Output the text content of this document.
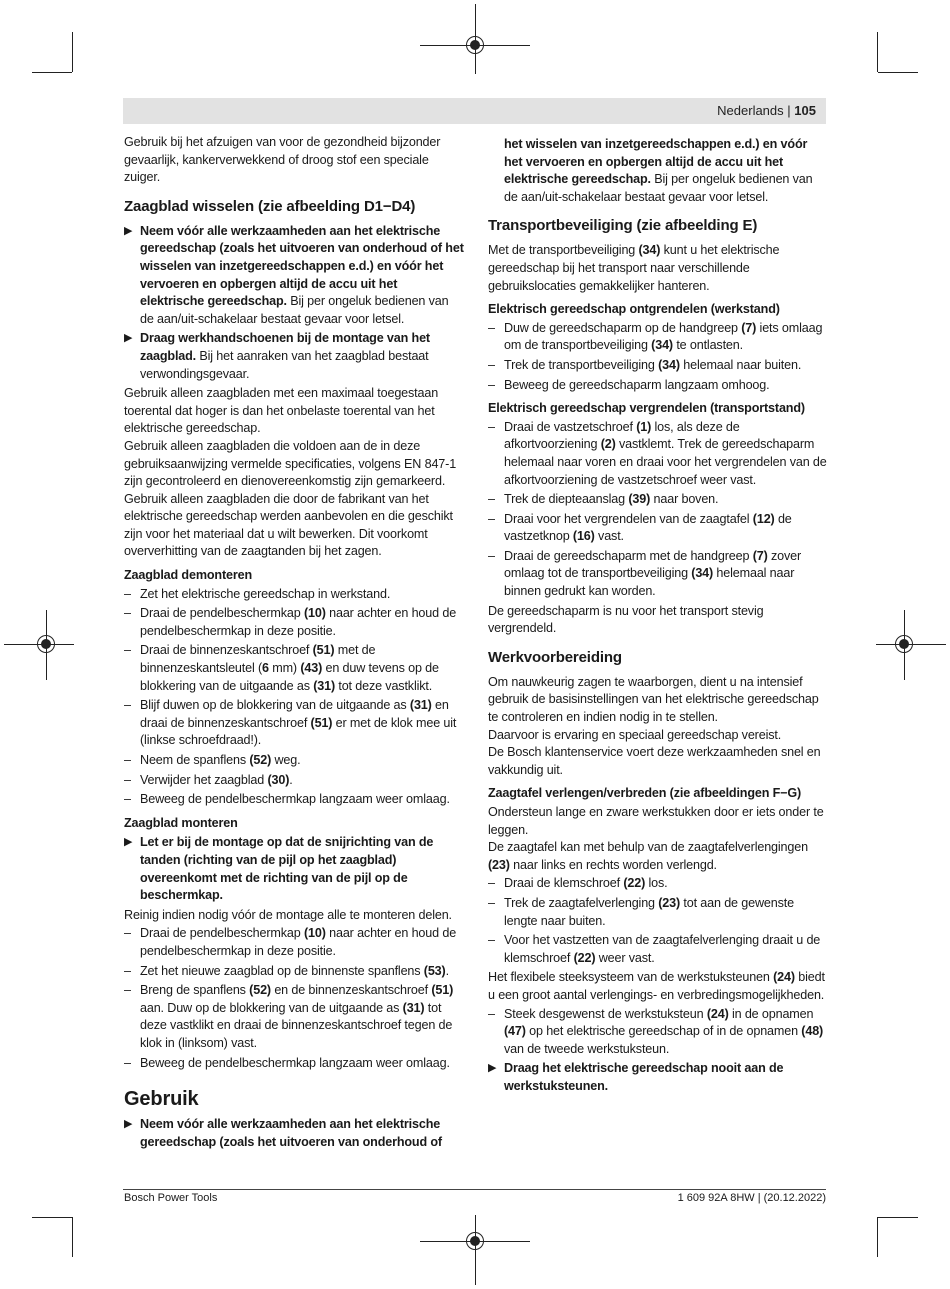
Nederlands | 105

Gebruik bij het afzuigen van voor de gezondheid bijzonder gevaarlijk, kankerverwekkend of droog stof een speciale zuiger.

Zaagblad wisselen (zie afbeelding D1−D4)
▶ Neem vóór alle werkzaamheden aan het elektrische gereedschap (zoals het uitvoeren van onderhoud of het wisselen van inzetgereedschappen e.d.) en vóór het vervoeren en opbergen altijd de accu uit het elektrische gereedschap. Bij per ongeluk bedienen van de aan/uit-schakelaar bestaat gevaar voor letsel.
▶ Draag werkhandschoenen bij de montage van het zaagblad. Bij het aanraken van het zaagblad bestaat verwondingsgevaar.

Gebruik alleen zaagbladen met een maximaal toegestaan toerental dat hoger is dan het onbelaste toerental van het elektrische gereedschap.

Gebruik alleen zaagbladen die voldoen aan de in deze gebruiksaanwijzing vermelde specificaties, volgens EN 847-1 zijn gecontroleerd en dienovereenkomstig zijn gemarkeerd.

Gebruik alleen zaagbladen die door de fabrikant van het elektrische gereedschap werden aanbevolen en die geschikt zijn voor het materiaal dat u wilt bewerken. Dit voorkomt oververhitting van de zaagtanden bij het zagen.

Zaagblad demonteren
– Zet het elektrische gereedschap in werkstand.
– Draai de pendelbeschermkap (10) naar achter en houd de pendelbeschermkap in deze positie.
– Draai de binnenzeskantschroef (51) met de binnenzeskantsleutel (6 mm) (43) en duw tevens op de blokkering van de uitgaande as (31) tot deze vastklikt.
– Blijf duwen op de blokkering van de uitgaande as (31) en draai de binnenzeskantschroef (51) er met de klok mee uit (linkse schroefdraad!).
– Neem de spanflens (52) weg.
– Verwijder het zaagblad (30).
– Beweeg de pendelbeschermkap langzaam weer omlaag.
Zaagblad monteren
▶ Let er bij de montage op dat de snijrichting van de tanden (richting van de pijl op het zaagblad) overeenkomt met de richting van de pijl op de beschermkap.

Reinig indien nodig vóór de montage alle te monteren delen.

– Draai de pendelbeschermkap (10) naar achter en houd de pendelbeschermkap in deze positie.
– Zet het nieuwe zaagblad op de binnenste spanflens (53).
– Breng de spanflens (52) en de binnenzeskantschroef (51) aan. Duw op de blokkering van de uitgaande as (31) tot deze vastklikt en draai de binnenzeskantschroef tegen de klok in (linksom) vast.
– Beweeg de pendelbeschermkap langzaam weer omlaag.
Gebruik
▶ Neem vóór alle werkzaamheden aan het elektrische gereedschap (zoals het uitvoeren van onderhoud of
het wisselen van inzetgereedschappen e.d.) en vóór het vervoeren en opbergen altijd de accu uit het elektrische gereedschap. Bij per ongeluk bedienen van de aan/uit-schakelaar bestaat gevaar voor letsel.
Transportbeveiliging (zie afbeelding E)

Met de transportbeveiliging (34) kunt u het elektrische gereedschap bij het transport naar verschillende gebruikslocaties gemakkelijker hanteren.

Elektrisch gereedschap ontgrendelen (werkstand)
– Duw de gereedschaparm op de handgreep (7) iets omlaag om de transportbeveiliging (34) te ontlasten.
– Trek de transportbeveiliging (34) helemaal naar buiten.
– Beweeg de gereedschaparm langzaam omhoog.
Elektrisch gereedschap vergrendelen (transportstand)
– Draai de vastzetschroef (1) los, als deze de afkortvoorziening (2) vastklemt. Trek de gereedschaparm helemaal naar voren en draai voor het vergrendelen van de afkortvoorziening de vastzetschroef weer vast.
– Trek de diepteaanslag (39) naar boven.
– Draai voor het vergrendelen van de zaagtafel (12) de vastzetknop (16) vast.
– Draai de gereedschaparm met de handgreep (7) zover omlaag tot de transportbeveiliging (34) helemaal naar binnen gedrukt kan worden.

De gereedschaparm is nu voor het transport stevig vergrendeld.

Werkvoorbereiding

Om nauwkeurig zagen te waarborgen, dient u na intensief gebruik de basisinstellingen van het elektrische gereedschap te controleren en indien nodig in te stellen.

Daarvoor is ervaring en speciaal gereedschap vereist.

De Bosch klantenservice voert deze werkzaamheden snel en vakkundig uit.

Zaagtafel verlengen/verbreden (zie afbeeldingen F−G)

Ondersteun lange en zware werkstukken door er iets onder te leggen.

De zaagtafel kan met behulp van de zaagtafelverlengingen (23) naar links en rechts worden verlengd.

– Draai de klemschroef (22) los.
– Trek de zaagtafelverlenging (23) tot aan de gewenste lengte naar buiten.
– Voor het vastzetten van de zaagtafelverlenging draait u de klemschroef (22) weer vast.

Het flexibele steeksysteem van de werkstuksteunen (24) biedt u een groot aantal verlengings- en verbredingsmogelijkheden.

– Steek desgewenst de werkstuksteun (24) in de opnamen (47) op het elektrische gereedschap of in de opnamen (48) van de tweede werkstuksteun.
▶ Draag het elektrische gereedschap nooit aan de werkstuksteunen.
Bosch Power Tools	1 609 92A 8HW | (20.12.2022)
